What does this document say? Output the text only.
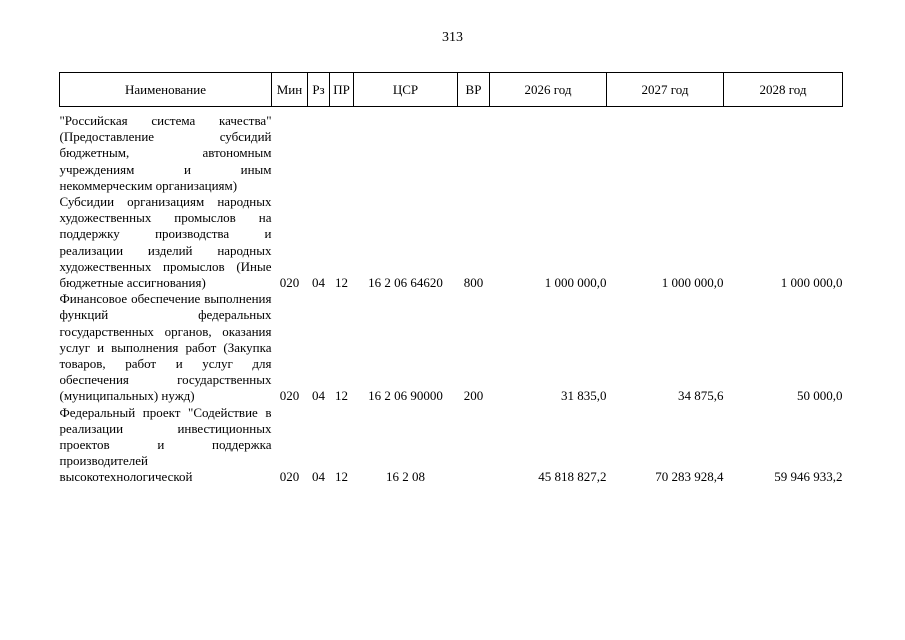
313
Наименование	Мин	Рз	ПР	ЦСР	ВР	2026 год	2027 год	2028 год
"Российская система качества" (Предоставление субсидий бюджетным, автономным учреждениям и иным некоммерческим организациям)								
Субсидии организациям народных художественных промыслов на поддержку производства и реализации изделий народных художественных промыслов (Иные бюджетные ассигнования)	020	04	12	16 2 06 64620	800	1 000 000,0	1 000 000,0	1 000 000,0
Финансовое обеспечение выполнения функций федеральных государственных органов, оказания услуг и выполнения работ (Закупка товаров, работ и услуг для обеспечения государственных (муниципальных) нужд)	020	04	12	16 2 06 90000	200	31 835,0	34 875,6	50 000,0
Федеральный проект "Содействие в реализации инвестиционных проектов и поддержка производителей высокотехнологической	020	04	12	16 2 08		45 818 827,2	70 283 928,4	59 946 933,2
